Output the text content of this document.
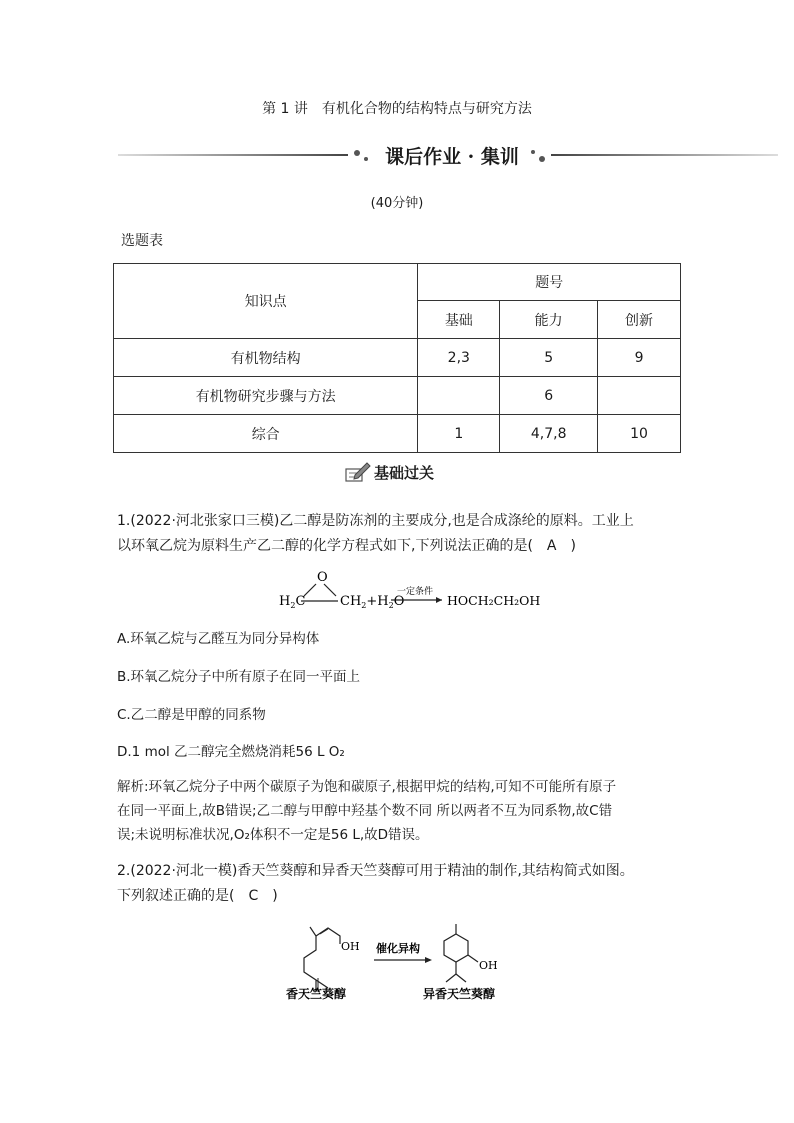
第 1 讲　有机化合物的结构特点与研究方法
课后作业 · 集训
(40分钟)
选题表
知识点	题号		
	基础	能力	创新
有机物结构	2,3	5	9
有机物研究步骤与方法		6	
综合	1	4,7,8	10
基础过关
1.(2022·河北张家口三模)乙二醇是防冻剂的主要成分,也是合成涤纶的原料。工业上
以环氧乙烷为原料生产乙二醇的化学方程式如下,下列说法正确的是(　A　)
O
$H_2C$	$CH_2+H_2O$
一定条件
HOCH₂CH₂OH
A.环氧乙烷与乙醛互为同分异构体
B.环氧乙烷分子中所有原子在同一平面上
C.乙二醇是甲醇的同系物
D.1 mol 乙二醇完全燃烧消耗56 L O₂
解析:环氧乙烷分子中两个碳原子为饱和碳原子,根据甲烷的结构,可知不可能所有原子
在同一平面上,故B错误;乙二醇与甲醇中羟基个数不同 所以两者不互为同系物,故C错
误;未说明标准状况,O₂体积不一定是56 L,故D错误。
2.(2022·河北一模)香天竺葵醇和异香天竺葵醇可用于精油的制作,其结构简式如图。
下列叙述正确的是(　C　)
OH 催化异构
OH
香天竺葵醇	异香天竺葵醇
